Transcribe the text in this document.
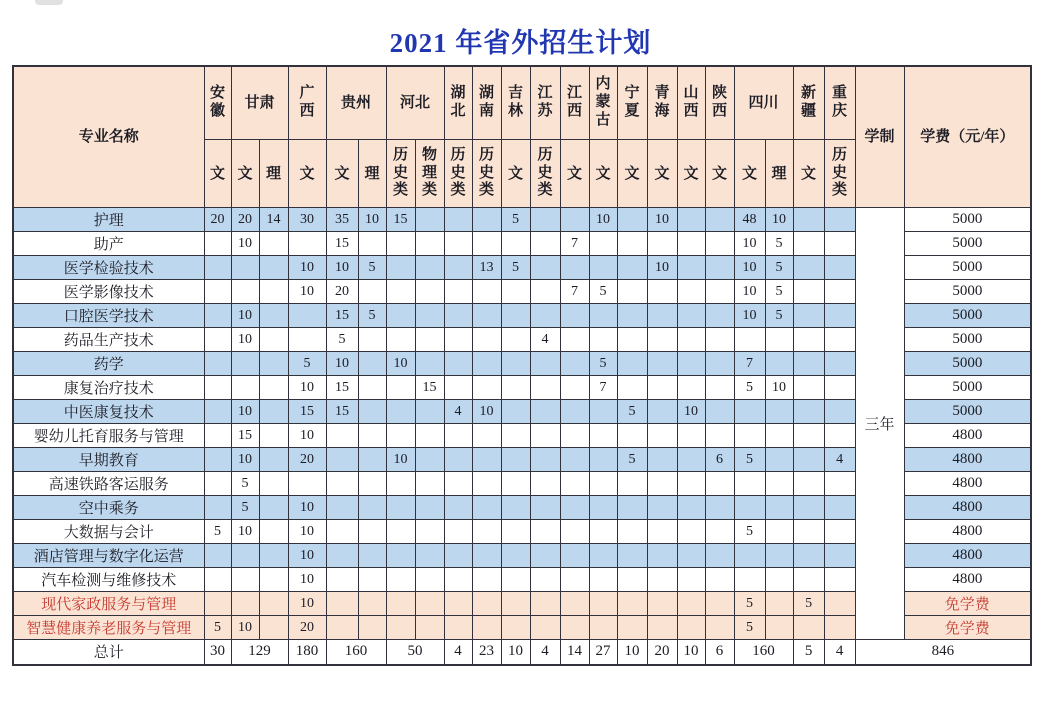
2021 年省外招生计划
专业名称	安徽	甘肃		广西	贵州		河北		湖北	湖南	吉林	江苏	江西	内蒙古	宁夏	青海	山西	陕西	四川		新疆	重庆	学制	学费（元/年）
	文	文	理	文	文	理	历史类	物理类	历史类	历史类	文	历史类	文	文	文	文	文	文	文	理	文	历史类		

护理	20	20	14	30	35	10	15				5			10		10			48	10			三年	5000
助产		10			15								7						10	5				5000
医学检验技术				10	10	5				13	5					10			10	5				5000
医学影像技术				10	20								7	5					10	5				5000
口腔医学技术		10			15	5													10	5				5000
药品生产技术		10			5							4												5000
药学				5	10		10							5					7					5000
康复治疗技术				10	15			15						7					5	10				5000
中医康复技术		10		15	15				4	10					5		10							5000
婴幼儿托育服务与管理		15		10																				4800
早期教育		10		20			10								5			6	5			4		4800
高速铁路客运服务		5																						4800
空中乘务		5		10																				4800
大数据与会计	5	10		10															5					4800
酒店管理与数字化运营				10																				4800
汽车检测与维修技术				10																				4800
现代家政服务与管理				10															5		5			免学费
智慧健康养老服务与管理	5	10		20															5					免学费
总计	30	129		180	160		50		4	23	10	4	14	27	10	20	10	6	160		5	4	846	
